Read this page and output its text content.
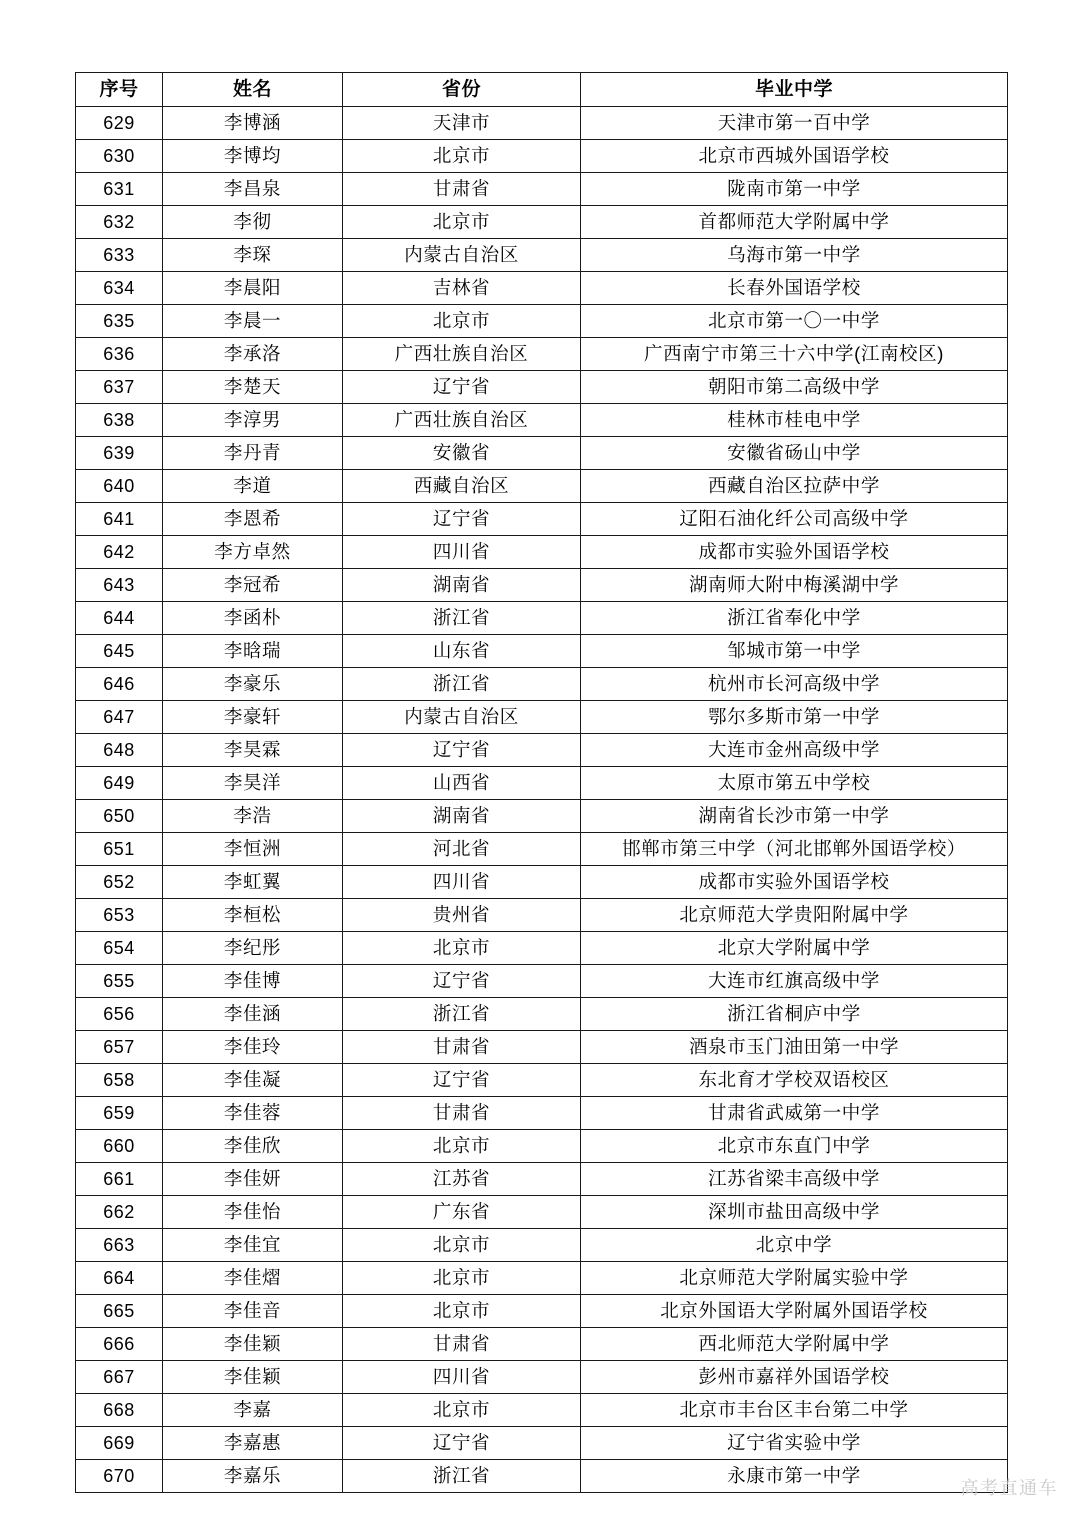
序号	姓名	省份	毕业中学
629	李博涵	天津市	天津市第一百中学
630	李博均	北京市	北京市西城外国语学校
631	李昌泉	甘肃省	陇南市第一中学
632	李彻	北京市	首都师范大学附属中学
633	李琛	内蒙古自治区	乌海市第一中学
634	李晨阳	吉林省	长春外国语学校
635	李晨一	北京市	北京市第一〇一中学
636	李承洛	广西壮族自治区	广西南宁市第三十六中学(江南校区)
637	李楚天	辽宁省	朝阳市第二高级中学
638	李淳男	广西壮族自治区	桂林市桂电中学
639	李丹青	安徽省	安徽省砀山中学
640	李道	西藏自治区	西藏自治区拉萨中学
641	李恩希	辽宁省	辽阳石油化纤公司高级中学
642	李方卓然	四川省	成都市实验外国语学校
643	李冠希	湖南省	湖南师大附中梅溪湖中学
644	李函朴	浙江省	浙江省奉化中学
645	李晗瑞	山东省	邹城市第一中学
646	李豪乐	浙江省	杭州市长河高级中学
647	李豪轩	内蒙古自治区	鄂尔多斯市第一中学
648	李昊霖	辽宁省	大连市金州高级中学
649	李昊洋	山西省	太原市第五中学校
650	李浩	湖南省	湖南省长沙市第一中学
651	李恒洲	河北省	邯郸市第三中学（河北邯郸外国语学校）
652	李虹翼	四川省	成都市实验外国语学校
653	李桓松	贵州省	北京师范大学贵阳附属中学
654	李纪彤	北京市	北京大学附属中学
655	李佳博	辽宁省	大连市红旗高级中学
656	李佳涵	浙江省	浙江省桐庐中学
657	李佳玲	甘肃省	酒泉市玉门油田第一中学
658	李佳凝	辽宁省	东北育才学校双语校区
659	李佳蓉	甘肃省	甘肃省武威第一中学
660	李佳欣	北京市	北京市东直门中学
661	李佳妍	江苏省	江苏省梁丰高级中学
662	李佳怡	广东省	深圳市盐田高级中学
663	李佳宜	北京市	北京中学
664	李佳熠	北京市	北京师范大学附属实验中学
665	李佳音	北京市	北京外国语大学附属外国语学校
666	李佳颖	甘肃省	西北师范大学附属中学
667	李佳颖	四川省	彭州市嘉祥外国语学校
668	李嘉	北京市	北京市丰台区丰台第二中学
669	李嘉惠	辽宁省	辽宁省实验中学
670	李嘉乐	浙江省	永康市第一中学
高考直通车
